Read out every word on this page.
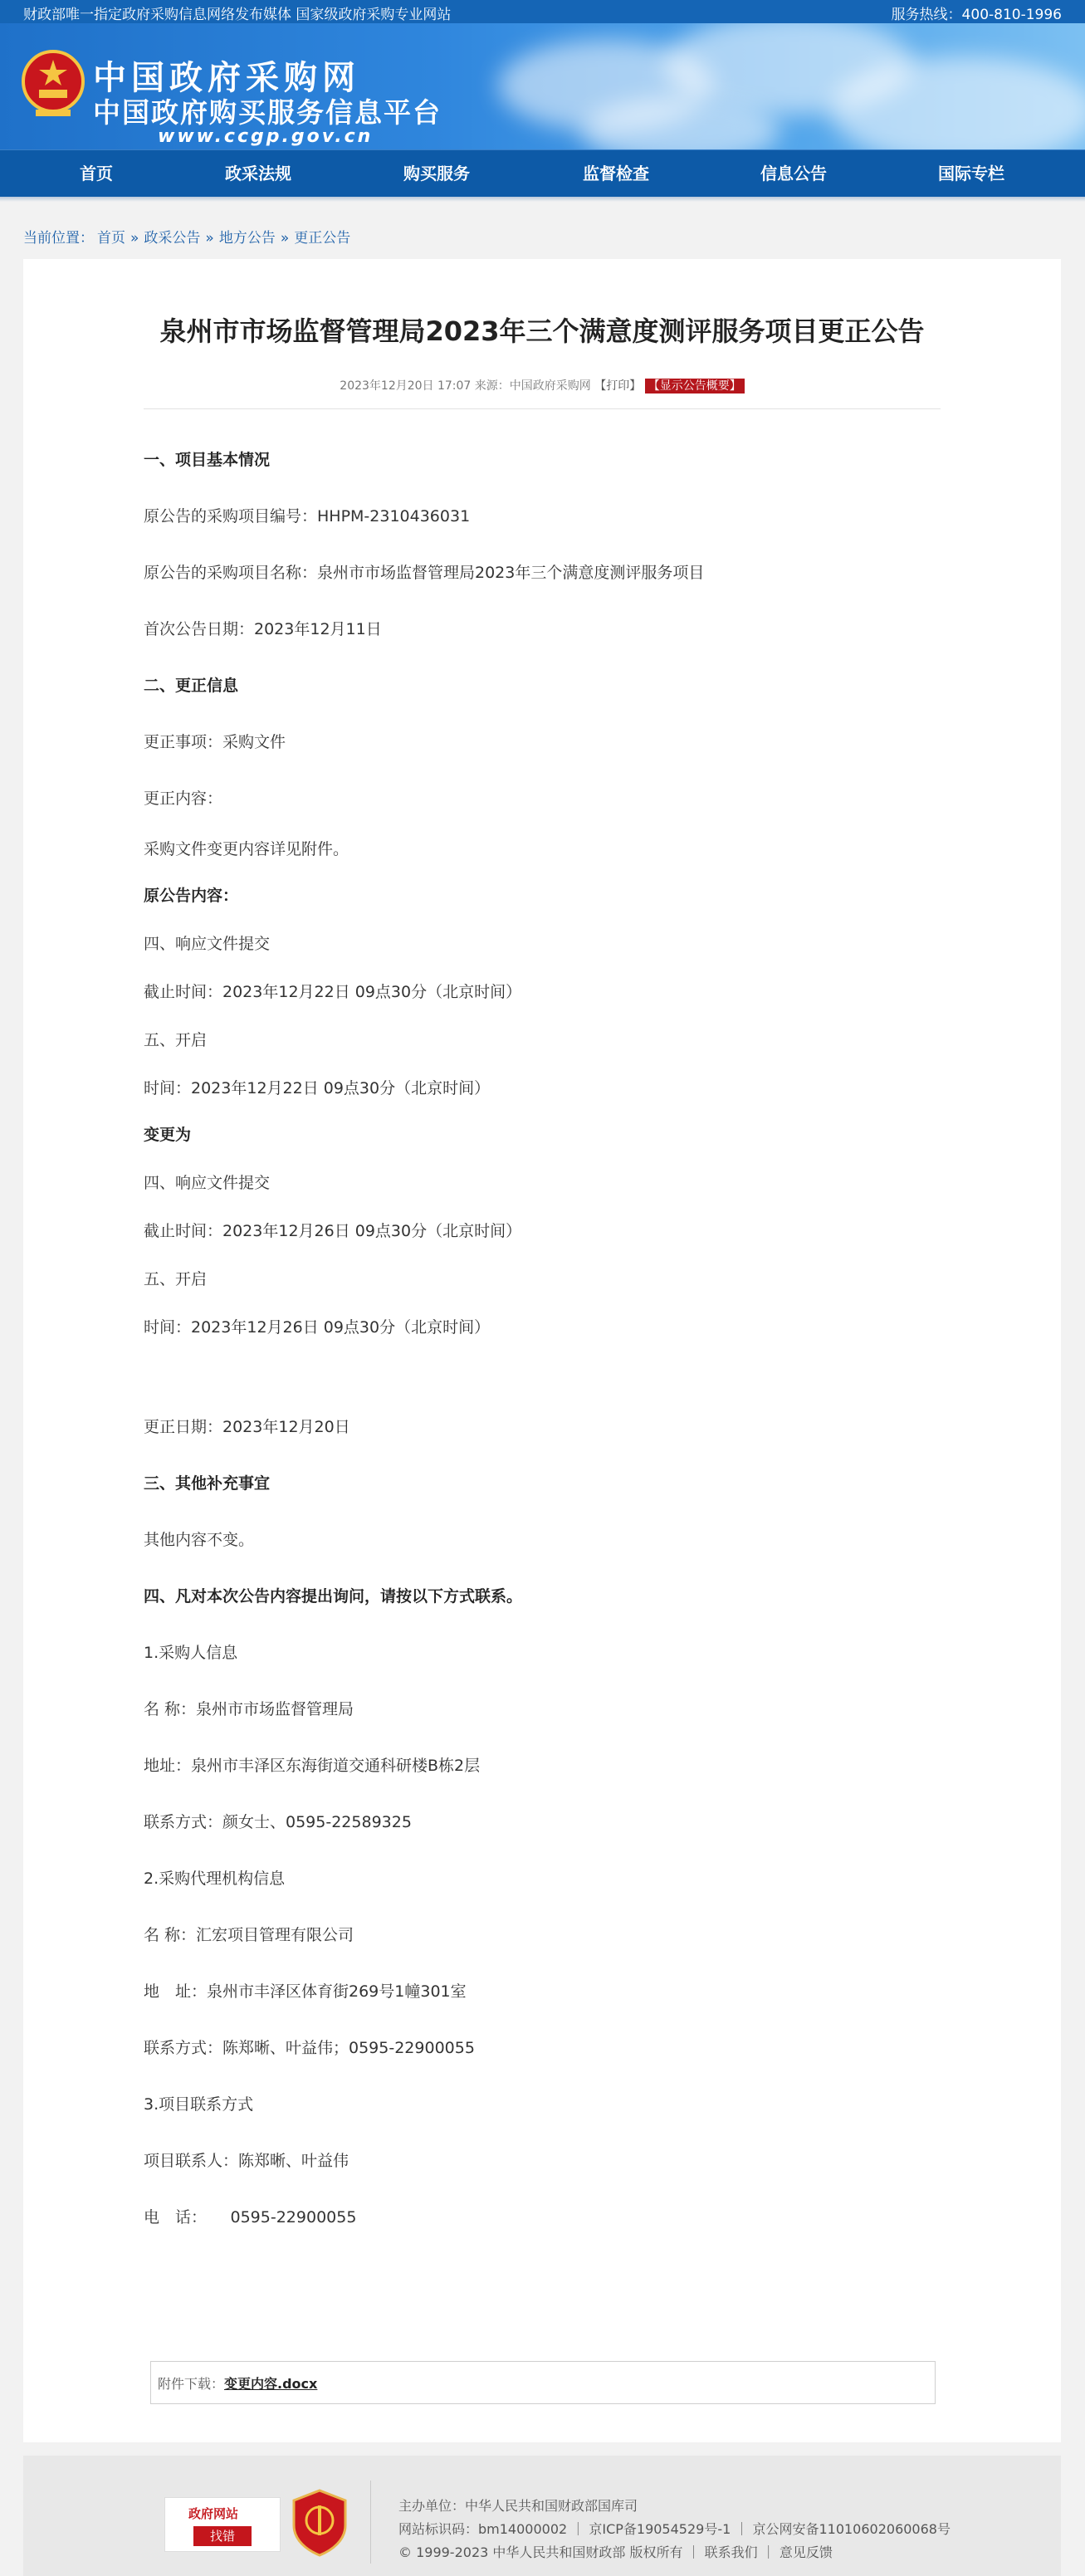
财政部唯一指定政府采购信息网络发布媒体 国家级政府采购专业网站	服务热线：400-810-1996
中国政府采购网
中国政府购买服务信息平台
www.ccgp.gov.cn
首页	政采法规	购买服务	监督检查	信息公告	国际专栏
当前位置： 首页 » 政采公告 » 地方公告 » 更正公告
泉州市市场监督管理局2023年三个满意度测评服务项目更正公告
2023年12月20日 17:07 来源：中国政府采购网 【打印】 【显示公告概要】

一、项目基本情况

原公告的采购项目编号：HHPM-2310436031

原公告的采购项目名称：泉州市市场监督管理局2023年三个满意度测评服务项目

首次公告日期：2023年12月11日

二、更正信息

更正事项：采购文件

更正内容：

采购文件变更内容详见附件。

原公告内容：

四、响应文件提交

截止时间：2023年12月22日 09点30分（北京时间）

五、开启

时间：2023年12月22日 09点30分（北京时间）

变更为

四、响应文件提交

截止时间：2023年12月26日 09点30分（北京时间）

五、开启

时间：2023年12月26日 09点30分（北京时间）

更正日期：2023年12月20日

三、其他补充事宜

其他内容不变。

四、凡对本次公告内容提出询问，请按以下方式联系。

1.采购人信息

名 称：泉州市市场监督管理局

地址：泉州市丰泽区东海街道交通科研楼B栋2层

联系方式：颜女士、0595-22589325

2.采购代理机构信息

名 称：汇宏项目管理有限公司

地　址：泉州市丰泽区体育街269号1幢301室

联系方式：陈郑晰、叶益伟；0595-22900055

3.项目联系方式

项目联系人：陈郑晰、叶益伟

电　话：　　0595-22900055

附件下载：变更内容.docx
政府网站
找错
主办单位：中华人民共和国财政部国库司
网站标识码：bm14000002 ｜ 京ICP备19054529号-1 ｜ 京公网安备11010602060068号
© 1999-2023 中华人民共和国财政部 版权所有 ｜ 联系我们 ｜ 意见反馈
